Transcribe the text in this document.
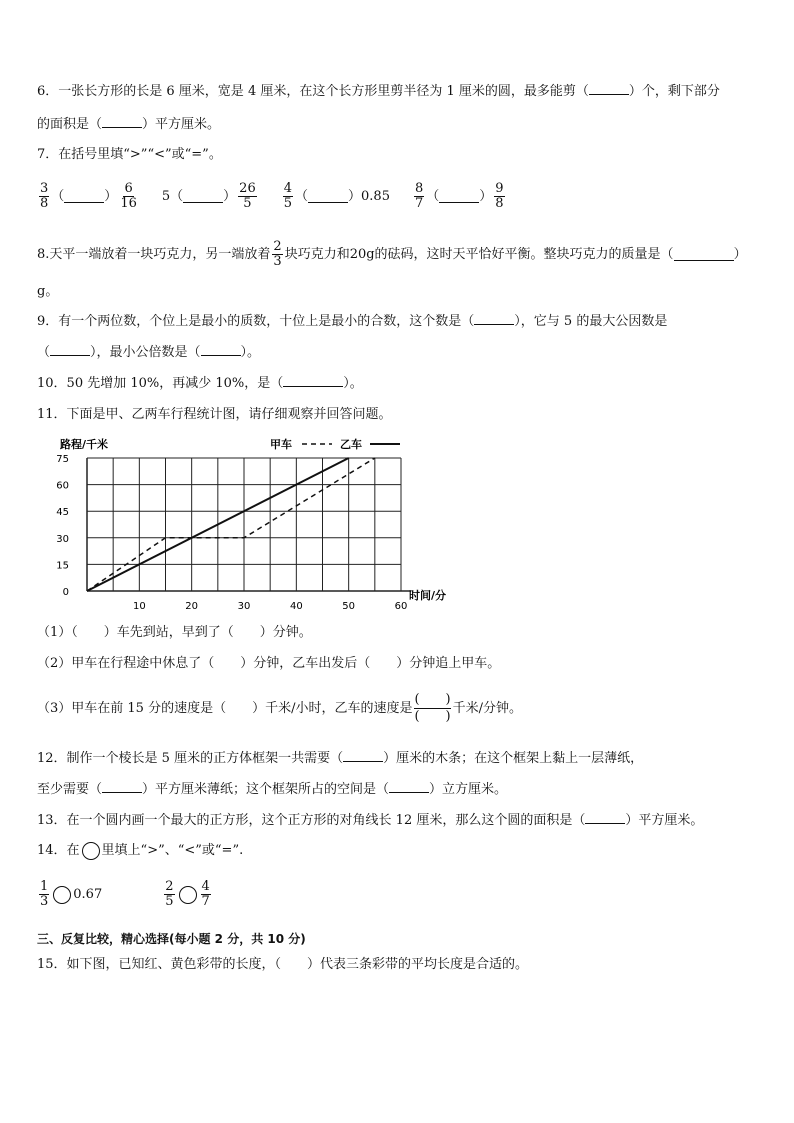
6．一张长方形的长是 6 厘米，宽是 4 厘米，在这个长方形里剪半径为 1 厘米的圆，最多能剪（	）个，剩下部分
的面积是（	）平方厘米。
7．在括号里填“>”“<”或“=”。
$\frac{3}{8}$ （	） $\frac{6}{16} 5$ （	） $\frac{26}{5} \frac{4}{5}$ （	） $0.85 \frac{8}{7}$ （	） $\frac{9}{8}$
8.天平一端放着一块巧克力，另一端放着 $\frac{2}{3}$ 块巧克力和20g的砝码，这时天平恰好平衡。整块巧克力的质量是（	）
g。
9．有一个两位数，个位上是最小的质数，十位上是最小的合数，这个数是（	），它与 5 的最大公因数是
（	），最小公倍数是（	）。
10．50 先增加 10%，再减少 10%，是（	）。
11．下面是甲、乙两车行程统计图，请仔细观察并回答问题。
0
15
30
45
60
75
10	20	30	40	50	60
路程/千米
时间/分
甲车	乙车
（1）（　　）车先到站，早到了（　　）分钟。
（2）甲车在行程途中休息了（　　）分钟，乙车出发后（　　）分钟追上甲车。
（3）甲车在前 15 分的速度是（　　）千米/小时，乙车的速度是
(　　)
(　　)
千米/分钟。
12．制作一个棱长是 5 厘米的正方体框架一共需要（	）厘米的木条；在这个框架上黏上一层薄纸，
至少需要（	）平方厘米薄纸；这个框架所占的空间是（	）立方厘米。
13．在一个圆内画一个最大的正方形，这个正方形的对角线长 12 厘米，那么这个圆的面积是（	）平方厘米。
14．在 里填上“>”、“<”或“=”.
$\frac{1}{3} 0.67$	$\frac{2}{5} \frac{4}{7}$
三、反复比较，精心选择(每小题 2 分，共 10 分)
15．如下图，已知红、黄色彩带的长度，（　　）代表三条彩带的平均长度是合适的。
